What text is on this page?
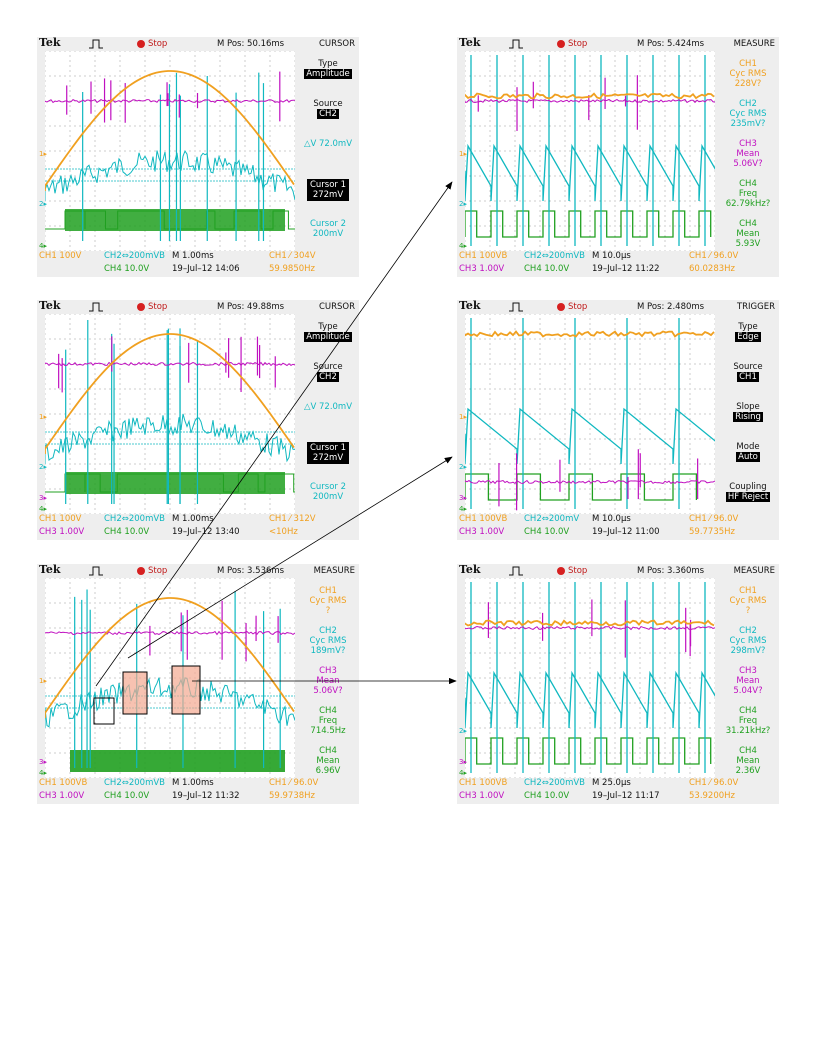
Tek	Stop	M Pos: 50.16ms	CURSOR
1▸
2▸
4▸
Type
Amplitude
Source
CH2
△V 72.0mV
Cursor 1
272mV
Cursor 2
200mV
CH1 100V	CH2⇔200mVB M 1.00ms	CH1 ⁄ 304V
CH4 10.0V	19–Jul–12 14:06	59.9850Hz
Tek	Stop	M Pos: 5.424ms	MEASURE
1▸
2▸
4▸
CH1
Cyc RMS
228V?
CH2
Cyc RMS
235mV?
CH3
Mean
5.06V?
CH4
Freq
62.79kHz?
CH4
Mean
5.93V
CH1 100VB CH2⇔200mVB M 10.0μs	CH1 ⁄ 96.0V
CH3 1.00V CH4 10.0V	19–Jul–12 11:22	60.0283Hz
Tek	Stop	M Pos: 49.88ms	CURSOR
1▸
2▸
3▸
4▸
Type
Amplitude
Source
CH2
△V 72.0mV
Cursor 1
272mV
Cursor 2
200mV
CH1 100V	CH2⇔200mVB M 1.00ms	CH1 ⁄ 312V
CH3 1.00V CH4 10.0V	19–Jul–12 13:40	<10Hz
Tek	Stop	M Pos: 2.480ms	TRIGGER
1▸
2▸
3▸
4▸
Type
Edge
Source
CH1
Slope
Rising
Mode
Auto
Coupling
HF Reject
CH1 100VB CH2⇔200mV M 10.0μs	CH1 ⁄ 96.0V
CH3 1.00V CH4 10.0V	19–Jul–12 11:00	59.7735Hz
Tek	Stop	M Pos: 3.536ms	MEASURE
1▸
3▸
4▸
CH1
Cyc RMS
?
CH2
Cyc RMS
189mV?
CH3
Mean
5.06V?
CH4
Freq
714.5Hz
CH4
Mean
6.96V
CH1 100VB CH2⇔200mVB M 1.00ms	CH1 ⁄ 96.0V
CH3 1.00V CH4 10.0V	19–Jul–12 11:32	59.9738Hz
Tek	Stop	M Pos: 3.360ms	MEASURE
2▸
3▸
4▸
CH1
Cyc RMS
?
CH2
Cyc RMS
298mV?
CH3
Mean
5.04V?
CH4
Freq
31.21kHz?
CH4
Mean
2.36V
CH1 100VB CH2⇔200mVB M 25.0μs	CH1 ⁄ 96.0V
CH3 1.00V CH4 10.0V	19–Jul–12 11:17	53.9200Hz
